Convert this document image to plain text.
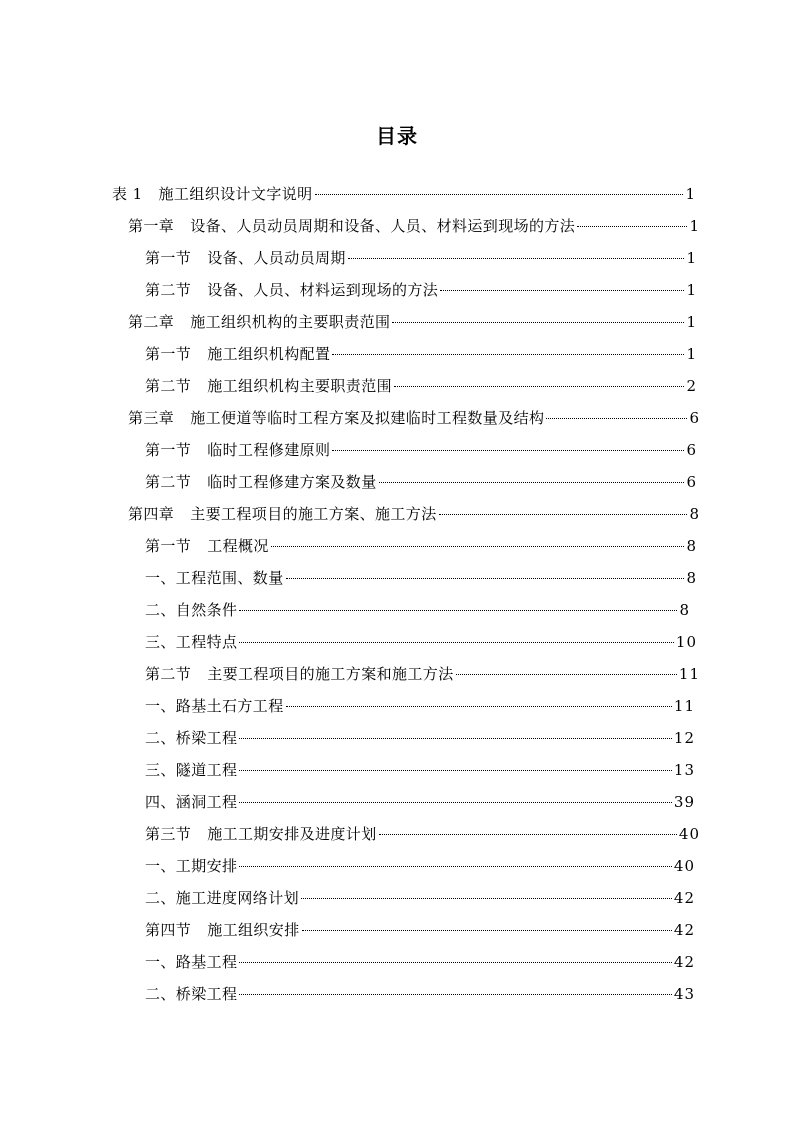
目录
表 1 施工组织设计文字说明	1
第一章 设备、人员动员周期和设备、人员、材料运到现场的方法	1
第一节 设备、人员动员周期	1
第二节 设备、人员、材料运到现场的方法	1
第二章 施工组织机构的主要职责范围	1
第一节 施工组织机构配置	1
第二节 施工组织机构主要职责范围	2
第三章 施工便道等临时工程方案及拟建临时工程数量及结构	6
第一节 临时工程修建原则	6
第二节 临时工程修建方案及数量	6
第四章 主要工程项目的施工方案、施工方法	8
第一节 工程概况	8
一、工程范围、数量	8
二、自然条件	8
三、工程特点	10
第二节 主要工程项目的施工方案和施工方法	11
一、路基土石方工程	11
二、桥梁工程	12
三、隧道工程	13
四、涵洞工程	39
第三节 施工工期安排及进度计划	40
一、工期安排	40
二、施工进度网络计划	42
第四节 施工组织安排	42
一、路基工程	42
二、桥梁工程	43
